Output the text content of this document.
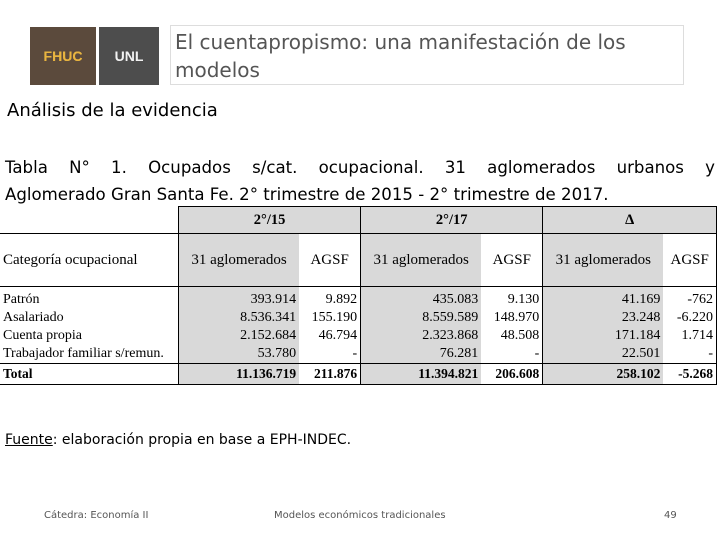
FHUC	UNL
El cuentapropismo: una manifestación de los modelos
Análisis de la evidencia
Tabla N° 1. Ocupados s/cat. ocupacional. 31 aglomerados urbanos y
Aglomerado Gran Santa Fe. 2° trimestre de 2015 - 2° trimestre de 2017.
	2°/15		2°/17		Δ	
Categoría ocupacional	31 aglomerados	AGSF	31 aglomerados	AGSF	31 aglomerados	AGSF
Patrón	393.914	9.892	435.083	9.130	41.169	-762
Asalariado	8.536.341	155.190	8.559.589	148.970	23.248	-6.220
Cuenta propia	2.152.684	46.794	2.323.868	48.508	171.184	1.714
Trabajador familiar s/remun.	53.780	-	76.281	-	22.501	-
Total	11.136.719	211.876	11.394.821	206.608	258.102	-5.268
Fuente: elaboración propia en base a EPH-INDEC.
Cátedra: Economía II	Modelos económicos tradicionales	49
